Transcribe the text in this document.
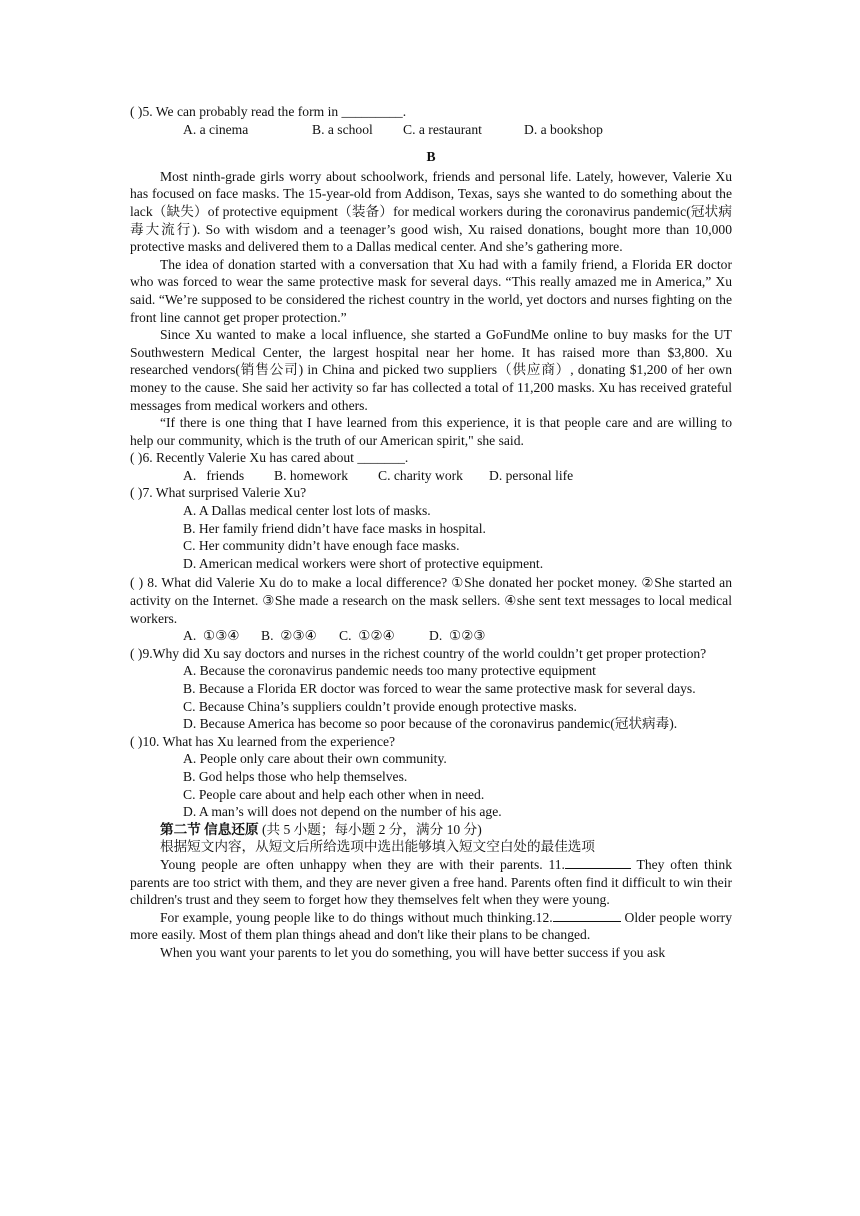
( )5. We can probably read the form in _________.

A. a cinema	B. a school C. a restaurant	D. a bookshop

B

Most ninth-grade girls worry about schoolwork, friends and personal life. Lately, however, Valerie Xu has focused on face masks. The 15-year-old from Addison, Texas, says she wanted to do something about the lack（缺失）of protective equipment（装备）for medical workers during the coronavirus pandemic(冠状病毒大流行). So with wisdom and a teenager’s good wish, Xu raised donations, bought more than 10,000 protective masks and delivered them to a Dallas medical center. And she’s gathering more.

The idea of donation started with a conversation that Xu had with a family friend, a Florida ER doctor who was forced to wear the same protective mask for several days. “This really amazed me in America,” Xu said. “We’re supposed to be considered the richest country in the world, yet doctors and nurses fighting on the front line cannot get proper protection.”

Since Xu wanted to make a local influence, she started a GoFundMe online to buy masks for the UT Southwestern Medical Center, the largest hospital near her home. It has raised more than $3,800. Xu researched vendors(销售公司) in China and picked two suppliers（供应商）, donating $1,200 of her own money to the cause. She said her activity so far has collected a total of 11,200 masks. Xu has received grateful messages from medical workers and others.

“If there is one thing that I have learned from this experience, it is that people care and are willing to help our community, which is the truth of our American spirit," she said.

( )6. Recently Valerie Xu has cared about _______.

A.   friends B. homework C. charity work D. personal life

( )7. What surprised Valerie Xu?

A. A Dallas medical center lost lots of masks.

B. Her family friend didn’t have face masks in hospital.

C. Her community didn’t have enough face masks.

D. American medical workers were short of protective equipment.

( ) 8. What did Valerie Xu do to make a local difference? ①She donated her pocket money. ②She started an activity on the Internet. ③She made a research on the mask sellers. ④she sent text messages to local medical workers.

A.  ①③④ B.  ②③④ C.  ①②④	D.  ①②③

( )9.Why did Xu say doctors and nurses in the richest country of the world couldn’t get proper protection?

A. Because the coronavirus pandemic needs too many protective equipment

B. Because a Florida ER doctor was forced to wear the same protective mask for several days.

C. Because China’s suppliers couldn’t provide enough protective masks.

D. Because America has become so poor because of the coronavirus pandemic(冠状病毒).

( )10. What has Xu learned from the experience?

A. People only care about their own community.

B. God helps those who help themselves.

C. People care about and help each other when in need.

D. A man’s will does not depend on the number of his age.

第二节 信息还原 (共 5 小题；每小题 2 分，满分 10 分)

根据短文内容，从短文后所给选项中选出能够填入短文空白处的最佳选项

Young people are often unhappy when they are with their parents. 11.	They often think parents are too strict with them, and they are never given a free hand. Parents often find it difficult to win their children's trust and they seem to forget how they themselves felt when they were young.

For example, young people like to do things without much thinking.12.	Older people worry more easily. Most of them plan things ahead and don't like their plans to be changed.

When you want your parents to let you do something, you will have better success if you ask
